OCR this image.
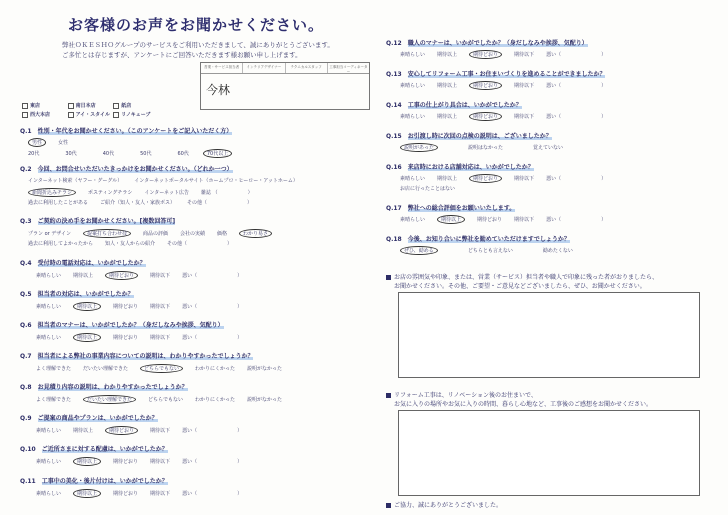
お客様のお声をお聞かせください。
弊社ＯＫＥＳＨＯグループのサービスをご利用いただきまして、誠にありがとうございます。
ご多忙とは存じますが、アンケートにご回答いただきます様お願い申し上げます。
営業・サービス担当者	インテリアデザイナー	テクニカルスタッフ	工事担当コーディネーター
今林
東店	南日本店	紙店
西大本店	アイ・スタイル リノキューブ
Q.1　 性別・年代をお聞かせください。（このアンケートをご記入いただく方）
男性	女性
20代	30代	40代	50代	60代	70代以上
Q.2　 今回、お問合せいただいたきっかけをお聞かせください。（どれか一つ）
インターネット検索（ヤフー・グーグル） インターネットポータルサイト（ホームプロ・ヒーロー・アットホーム）
新聞折込みチラシ	ポスティングチラシ インターネット広告 雑誌 （	）
過去に利用したことがある ご紹介（知人・友人・家族ボス） その他（	）
Q.3　 ご契約の決め手をお聞かせください。[複数回答可]
プラン or デザイン	提案打ち合わせ技	商品の評価 会社の実績 価格	わかり易さ
過去に利用してよかったから 知人・友人からの紹介 その他（	）
Q.4　 受付時の電話対応は、いかがでしたか？
素晴らしい 期待以上	期待どおり	期待以下 悪い（	）
Q.5　 担当者の対応は、いかがでしたか？
素晴らしい	期待以上	期待どおり 期待以下 悪い（	）
Q.6　 担当者のマナーは、いかがでしたか？（身だしなみや挨拶、気配り）
素晴らしい	期待以上	期待どおり 期待以下 悪い（	）
Q.7　 担当者による弊社の事業内容についての説明は、わかりやすかったでしょうか？
よく理解できた だいたい理解できた	どちらでもない	わかりにくかった 説明がなかった
Q.8　 お見積り内容の説明は、わかりやすかったでしょうか？
よく理解できた	だいたい理解できた	どちらでもない わかりにくかった 説明がなかった
Q.9　 ご提案の商品やプランは、いかがでしたか？
素晴らしい 期待以上	期待どおり	期待以下 悪い（	）
Q.10　 ご近所さまに対する配慮は、いかがでしたか？
素晴らしい	期待以上	期待どおり 期待以下 悪い（	）
Q.11　 工事中の美化・後片付けは、いかがでしたか？
素晴らしい	期待以上	期待どおり 期待以下 悪い（	）
Q.12　 職人のマナーは、いかがでしたか？（身だしなみや挨拶、気配り）
素晴らしい 期待以上	期待どおり	期待以下 悪い（	）
Q.13　 安心してリフォーム工事・お住まいづくりを進めることができましたか？
素晴らしい 期待以上	期待どおり	期待以下 悪い（	）
Q.14　 工事の仕上がり具合は、いかがでしたか？
素晴らしい 期待以上	期待どおり	期待以下 悪い（	）
Q.15　 お引渡し時に次回の点検の説明は、ございましたか？
説明があった	説明はなかった	覚えていない
Q.16　 来店時における店舗対応は、いかがでしたか？
素晴らしい 期待以上	期待どおり	期待以下 悪い（	）
お店に行ったことはない
Q.17　 弊社への総合評価をお願いいたします。
素晴らしい	期待以上	期待どおり 期待以下 悪い（	）
Q.18　 今後、お知り合いに弊社を勧めていただけますでしょうか？
ぜひ、勧める	どちらとも言えない	勧めたくない
お店の雰囲気や印象、または、営業（サービス）担当者や職人で印象に残った者がおりましたら、
お聞かせください。その他、ご要望・ご意見などございましたら、ぜひ、お聞かせください。
リフォーム工事は、リノベーション後のお住まいで、
お気に入りの場所やお気に入りの時間、暮らし心地など、工事後のご感想をお聞かせください。
ご協力、誠にありがとうございました。
